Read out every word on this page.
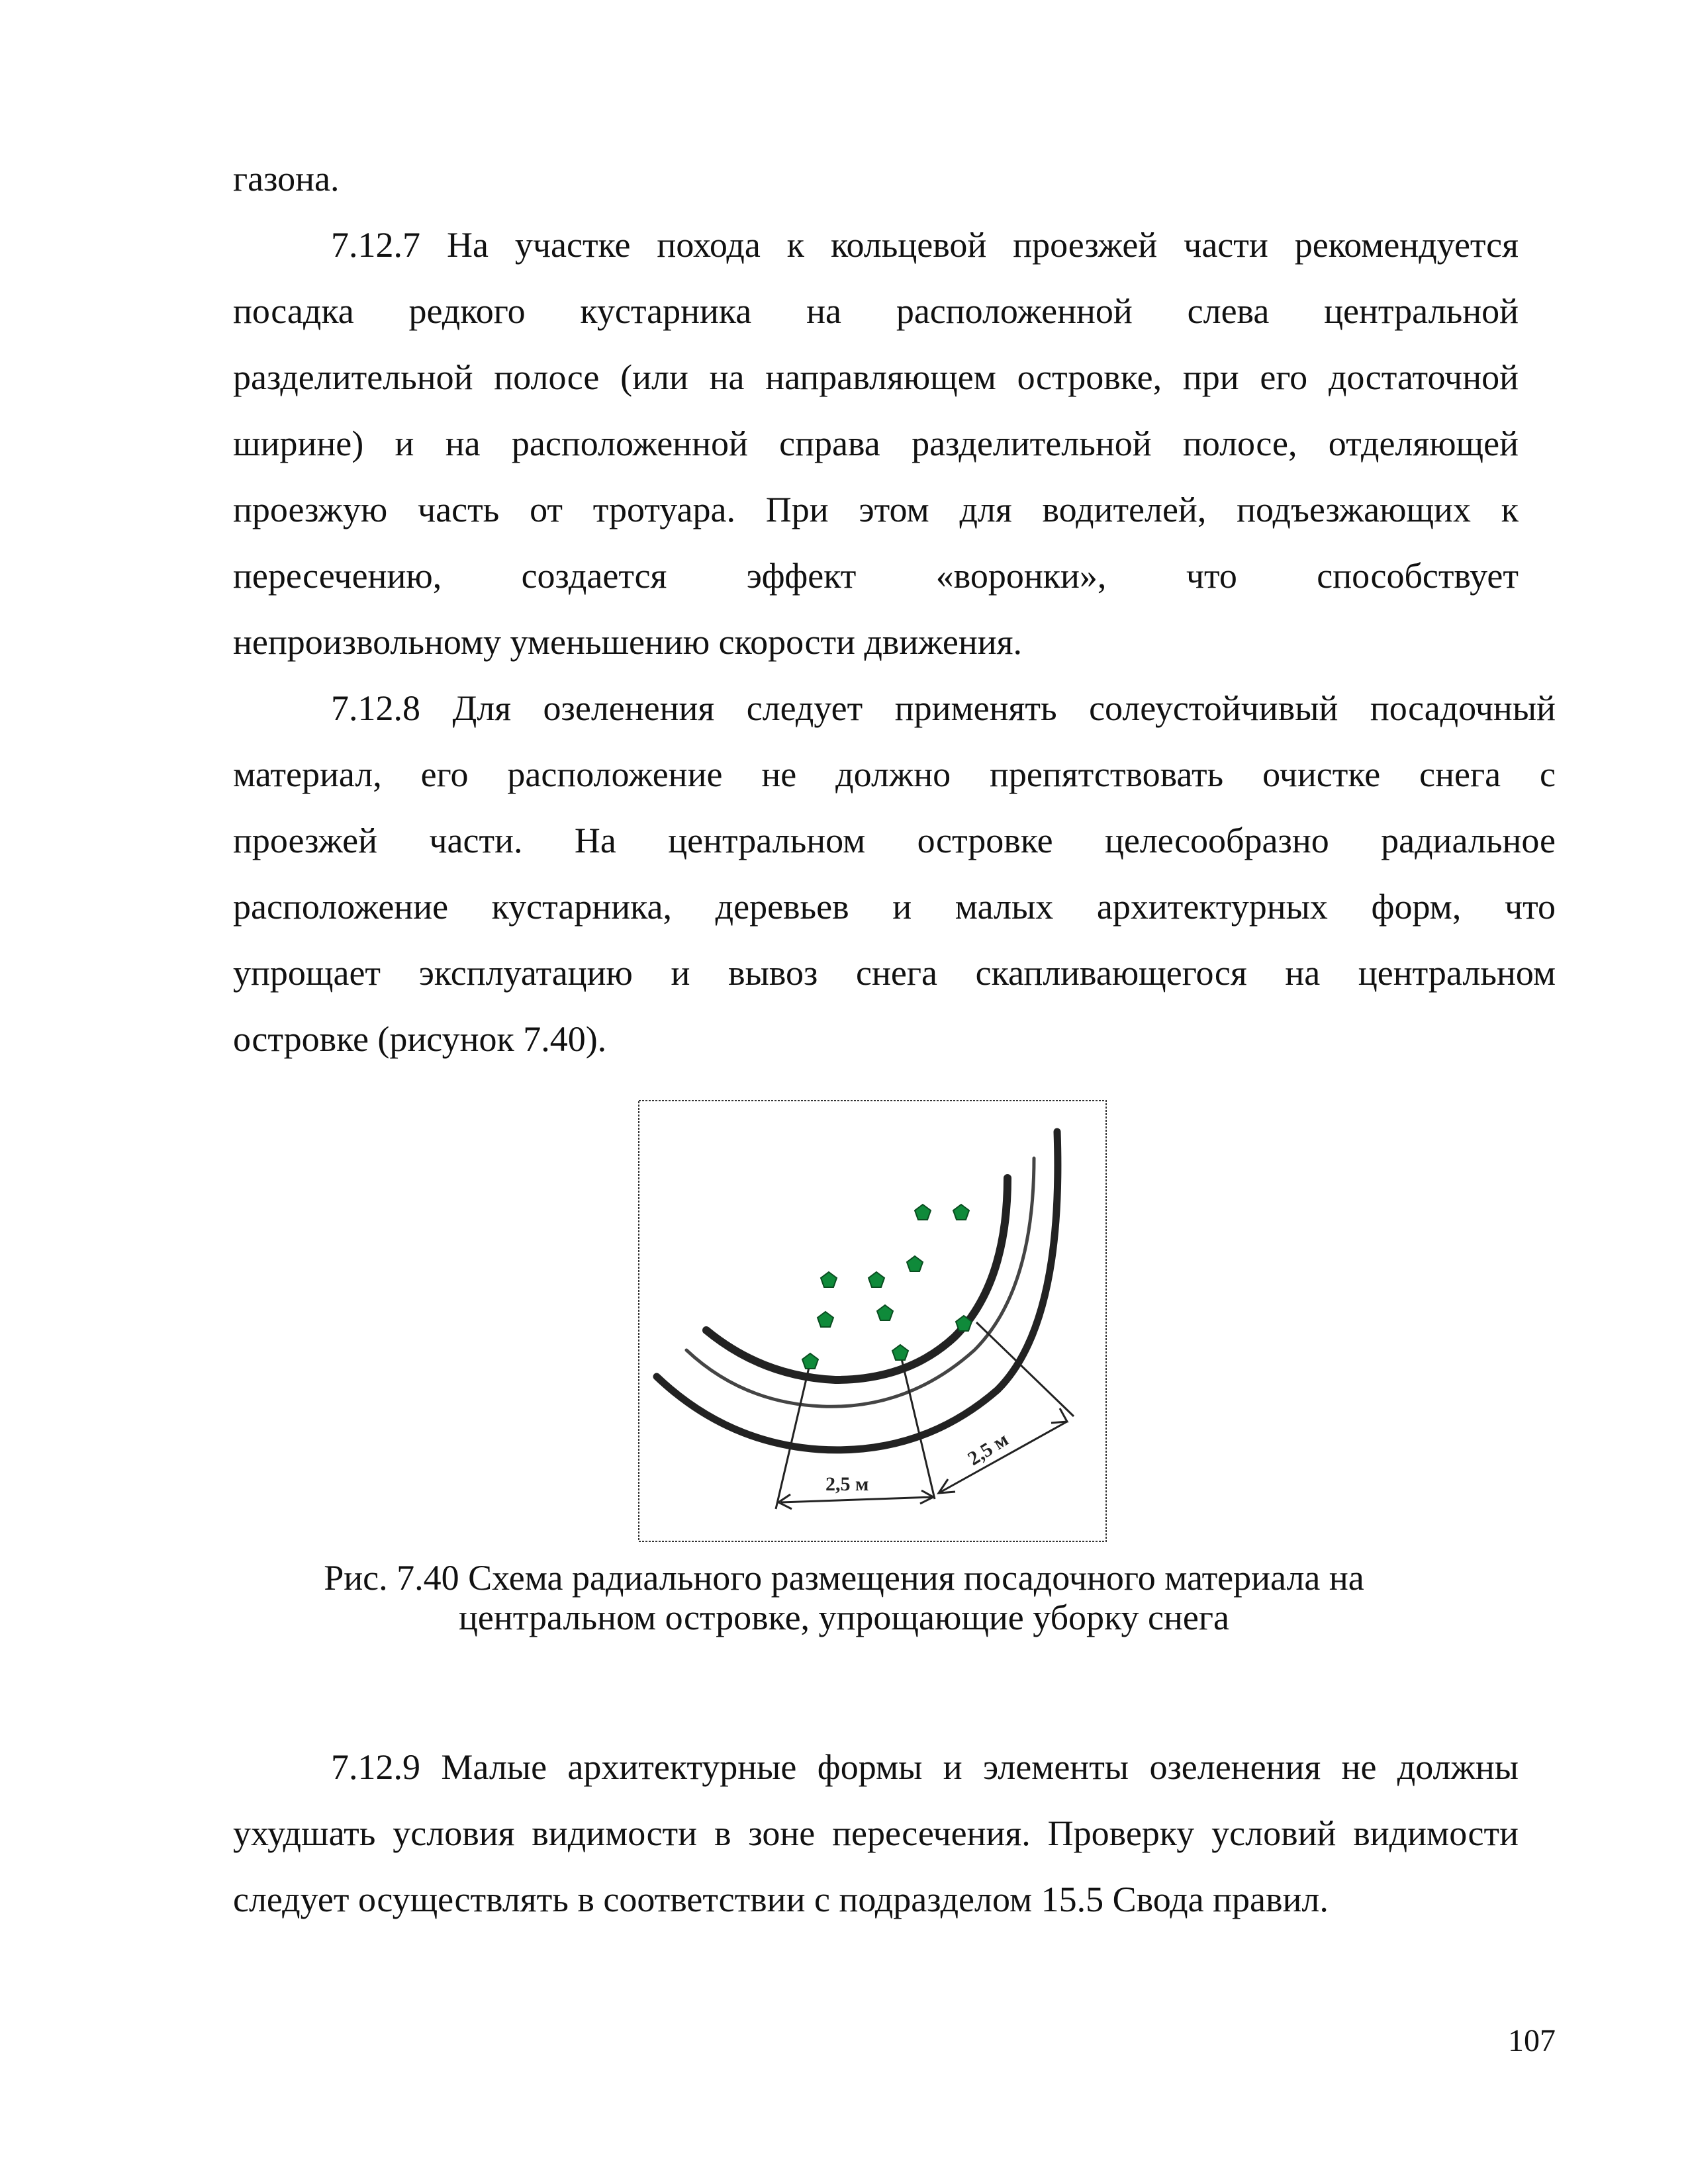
газона.
7.12.7 На участке похода к кольцевой проезжей части рекомендуется
посадка редкого кустарника на расположенной слева центральной
разделительной полосе (или на направляющем островке, при его достаточной
ширине) и на расположенной справа разделительной полосе, отделяющей
проезжую часть от тротуара. При этом для водителей, подъезжающих к
пересечению, создается эффект «воронки», что способствует
непроизвольному уменьшению скорости движения.
7.12.8 Для озеленения следует применять солеустойчивый посадочный
материал, его расположение не должно препятствовать очистке снега с
проезжей части. На центральном островке целесообразно радиальное
расположение кустарника, деревьев и малых архитектурных форм, что
упрощает эксплуатацию и вывоз снега скапливающегося на центральном
островке (рисунок 7.40).
2,5 м
2,5 м
Рис. 7.40 Схема радиального размещения посадочного материала на
центральном островке, упрощающие уборку снега
7.12.9 Малые архитектурные формы и элементы озеленения не должны
ухудшать условия видимости в зоне пересечения. Проверку условий видимости
следует осуществлять в соответствии с подразделом 15.5 Свода правил.
107
